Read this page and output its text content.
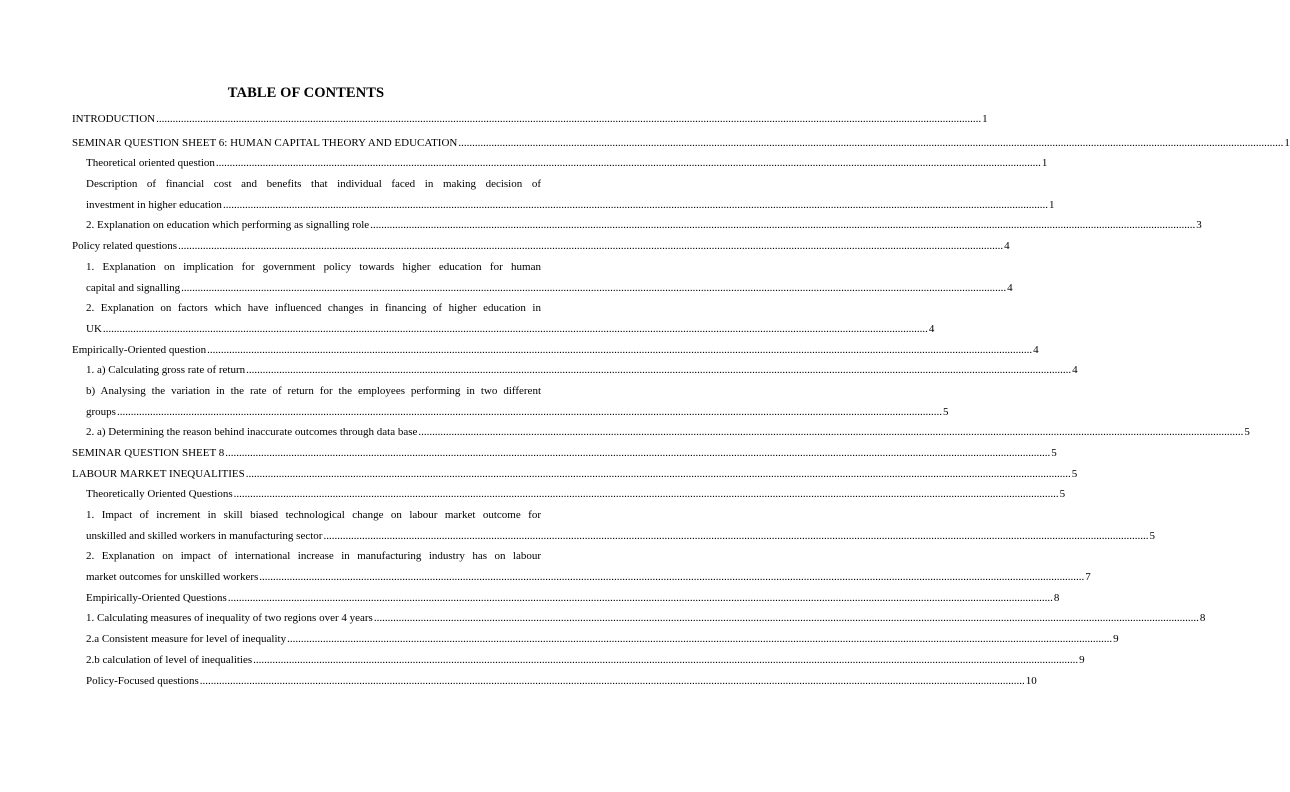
TABLE OF CONTENTS
INTRODUCTION ............................................................................................................................................................................................................................................................................................................ 1
SEMINAR QUESTION SHEET 6: HUMAN CAPITAL THEORY AND EDUCATION ............................................................................................................................................................................................................................................................................................................ 1
Theoretical oriented question ............................................................................................................................................................................................................................................................................................................ 1
Description of financial cost and benefits that individual faced in making decision of
investment in higher education ............................................................................................................................................................................................................................................................................................................ 1
2. Explanation on education which performing as signalling role ............................................................................................................................................................................................................................................................................................................ 3
Policy related questions ............................................................................................................................................................................................................................................................................................................ 4
1. Explanation on implication for government policy towards higher education for human
capital and signalling ............................................................................................................................................................................................................................................................................................................ 4
2. Explanation on factors which have influenced changes in financing of higher education in
UK ............................................................................................................................................................................................................................................................................................................ 4
Empirically-Oriented question ............................................................................................................................................................................................................................................................................................................ 4
1. a) Calculating gross rate of return ............................................................................................................................................................................................................................................................................................................ 4
b) Analysing the variation in the rate of return for the employees performing in two different
groups ............................................................................................................................................................................................................................................................................................................ 5
2. a) Determining the reason behind inaccurate outcomes through data base ............................................................................................................................................................................................................................................................................................................ 5
SEMINAR QUESTION SHEET 8 ............................................................................................................................................................................................................................................................................................................ 5
LABOUR MARKET INEQUALITIES ............................................................................................................................................................................................................................................................................................................ 5
Theoretically Oriented Questions ............................................................................................................................................................................................................................................................................................................ 5
1. Impact of increment in skill biased technological change on labour market outcome for
unskilled and skilled workers in manufacturing sector ............................................................................................................................................................................................................................................................................................................ 5
2. Explanation on impact of international increase in manufacturing industry has on labour
market outcomes for unskilled workers ............................................................................................................................................................................................................................................................................................................ 7
Empirically-Oriented Questions ............................................................................................................................................................................................................................................................................................................ 8
1. Calculating measures of inequality of two regions over 4 years ............................................................................................................................................................................................................................................................................................................ 8
2.a Consistent measure for level of inequality ............................................................................................................................................................................................................................................................................................................ 9
2.b calculation of level of inequalities ............................................................................................................................................................................................................................................................................................................ 9
Policy-Focused questions ............................................................................................................................................................................................................................................................................................................ 10
